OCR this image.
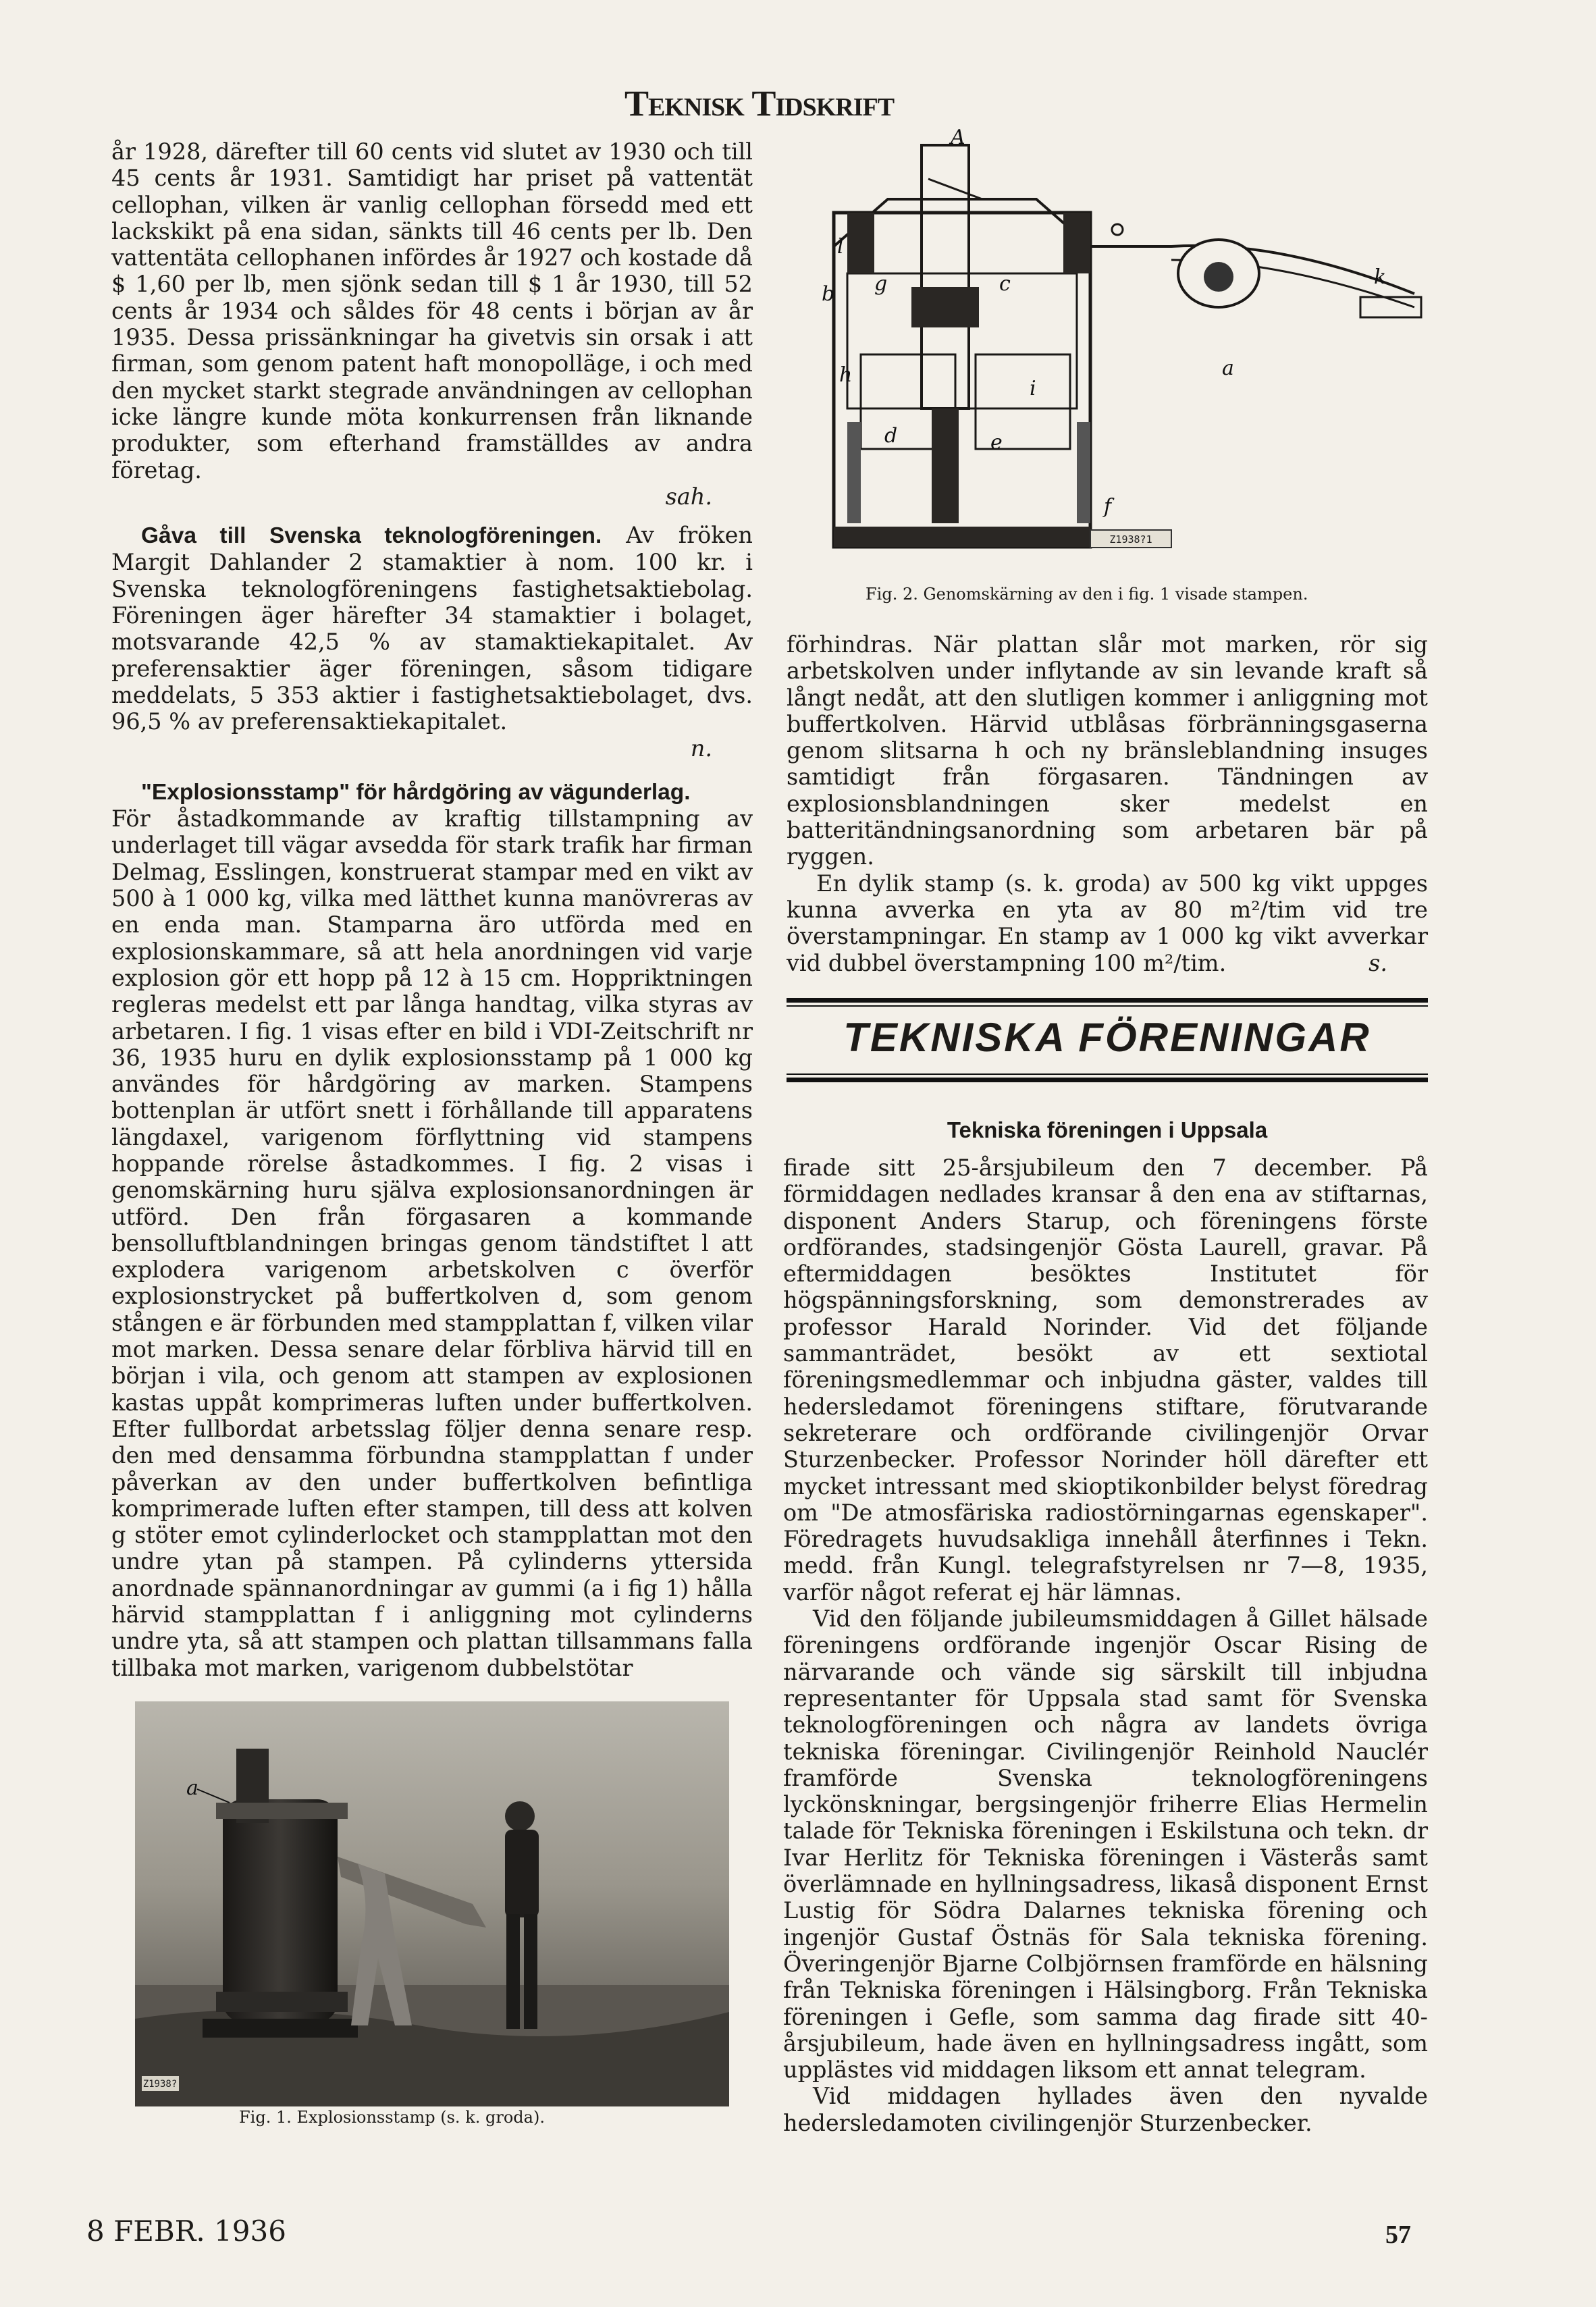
Teknisk Tidskrift

år 1928, därefter till 60 cents vid slutet av 1930 och till 45 cents år 1931. Samtidigt har priset på vattentät cellophan, vilken är vanlig cellophan försedd med ett lackskikt på ena sidan, sänkts till 46 cents per lb. Den vattentäta cellophanen infördes år 1927 och kostade då $ 1,60 per lb, men sjönk sedan till $ 1 år 1930, till 52 cents år 1934 och såldes för 48 cents i början av år 1935. Dessa prissänkningar ha givetvis sin orsak i att firman, som genom patent haft monopolläge, i och med den mycket starkt stegrade användningen av cellophan icke längre kunde möta konkurrensen från liknande produkter, som efterhand framställdes av andra företag.

sah.

Gåva till Svenska teknologföreningen. Av fröken Margit Dahlander 2 stamaktier à nom. 100 kr. i Svenska teknologföreningens fastighetsaktiebolag. Föreningen äger härefter 34 stamaktier i bolaget, motsvarande 42,5 % av stamaktiekapitalet. Av preferensaktier äger föreningen, såsom tidigare meddelats, 5 353 aktier i fastighetsaktiebolaget, dvs. 96,5 % av preferensaktiekapitalet.

n.

"Explosionsstamp" för hårdgöring av vägunderlag.

För åstadkommande av kraftig tillstampning av underlaget till vägar avsedda för stark trafik har firman Delmag, Esslingen, konstruerat stampar med en vikt av 500 à 1 000 kg, vilka med lätthet kunna manövreras av en enda man. Stamparna äro utförda med en explosionskammare, så att hela anordningen vid varje explosion gör ett hopp på 12 à 15 cm. Hoppriktningen regleras medelst ett par långa handtag, vilka styras av arbetaren. I fig. 1 visas efter en bild i VDI-Zeitschrift nr 36, 1935 huru en dylik explosionsstamp på 1 000 kg användes för hårdgöring av marken. Stampens bottenplan är utfört snett i förhållande till apparatens längdaxel, varigenom förflyttning vid stampens hoppande rörelse åstadkommes. I fig. 2 visas i genomskärning huru själva explosionsanordningen är utförd. Den från förgasaren a kommande bensolluftblandningen bringas genom tändstiftet l att explodera varigenom arbetskolven c överför explosionstrycket på buffertkolven d, som genom stången e är förbunden med stampplattan f, vilken vilar mot marken. Dessa senare delar förbliva härvid till en början i vila, och genom att stampen av explosionen kastas uppåt komprimeras luften under buffertkolven. Efter fullbordat arbetsslag följer denna senare resp. den med densamma förbundna stampplattan f under påverkan av den under buffertkolven befintliga komprimerade luften efter stampen, till dess att kolven g stöter emot cylinderlocket och stampplattan mot den undre ytan på stampen. På cylinderns yttersida anordnade spännanordningar av gummi (a i fig 1) hålla härvid stampplattan f i anliggning mot cylinderns undre yta, så att stampen och plattan tillsammans falla tillbaka mot marken, varigenom dubbelstötar

Z1938?
a
Fig. 1. Explosionsstamp (s. k. groda).
A
l
b g	c
h
i
d	e
f
k
a
Z1938?1
Fig. 2. Genomskärning av den i fig. 1 visade stampen.

förhindras. När plattan slår mot marken, rör sig arbetskolven under inflytande av sin levande kraft så långt nedåt, att den slutligen kommer i anliggning mot buffertkolven. Härvid utblåsas förbränningsgaserna genom slitsarna h och ny bränsleblandning insuges samtidigt från förgasaren. Tändningen av explosionsblandningen sker medelst en batteritändningsanordning som arbetaren bär på ryggen.

En dylik stamp (s. k. groda) av 500 kg vikt uppges kunna avverka en yta av 80 m²/tim vid tre överstampningar. En stamp av 1 000 kg vikt avverkar vid dubbel överstampning 100 m²/tim.	s.

TEKNISKA FÖRENINGAR
Tekniska föreningen i Uppsala

firade sitt 25-årsjubileum den 7 december. På förmiddagen nedlades kransar å den ena av stiftarnas, disponent Anders Starup, och föreningens förste ordförandes, stadsingenjör Gösta Laurell, gravar. På eftermiddagen besöktes Institutet för högspänningsforskning, som demonstrerades av professor Harald Norinder. Vid det följande sammanträdet, besökt av ett sextiotal föreningsmedlemmar och inbjudna gäster, valdes till hedersledamot föreningens stiftare, förutvarande sekreterare och ordförande civilingenjör Orvar Sturzenbecker. Professor Norinder höll därefter ett mycket intressant med skioptikonbilder belyst föredrag om "De atmosfäriska radiostörningarnas egenskaper". Föredragets huvudsakliga innehåll återfinnes i Tekn. medd. från Kungl. telegrafstyrelsen nr 7—8, 1935, varför något referat ej här lämnas.

Vid den följande jubileumsmiddagen å Gillet hälsade föreningens ordförande ingenjör Oscar Rising de närvarande och vände sig särskilt till inbjudna representanter för Uppsala stad samt för Svenska teknologföreningen och några av landets övriga tekniska föreningar. Civilingenjör Reinhold Nauclér framförde Svenska teknologföreningens lyckönskningar, bergsingenjör friherre Elias Hermelin talade för Tekniska föreningen i Eskilstuna och tekn. dr Ivar Herlitz för Tekniska föreningen i Västerås samt överlämnade en hyllningsadress, likaså disponent Ernst Lustig för Södra Dalarnes tekniska förening och ingenjör Gustaf Östnäs för Sala tekniska förening. Överingenjör Bjarne Colbjörnsen framförde en hälsning från Tekniska föreningen i Hälsingborg. Från Tekniska föreningen i Gefle, som samma dag firade sitt 40-årsjubileum, hade även en hyllningsadress ingått, som upplästes vid middagen liksom ett annat telegram.

Vid middagen hyllades även den nyvalde hedersledamoten civilingenjör Sturzenbecker.

8 FEBR. 1936	57
